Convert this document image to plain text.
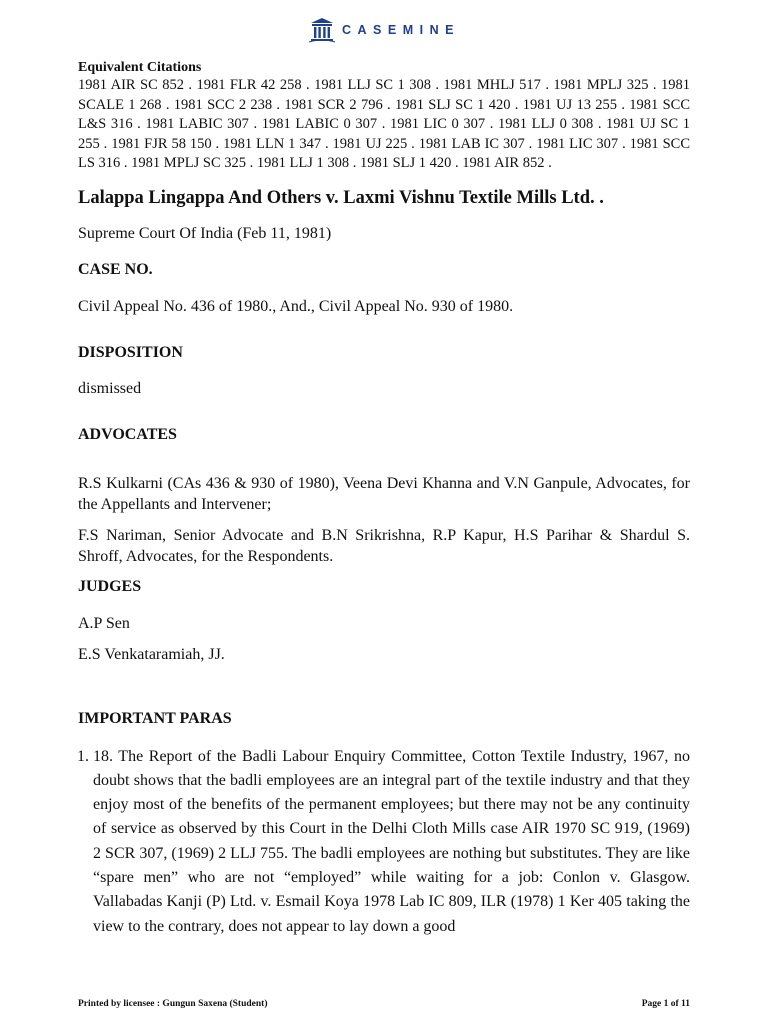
CASEMINE
Equivalent Citations
1981 AIR SC 852 . 1981 FLR 42 258 . 1981 LLJ SC 1 308 . 1981 MHLJ 517 . 1981 MPLJ 325 . 1981 SCALE 1 268 . 1981 SCC 2 238 . 1981 SCR 2 796 . 1981 SLJ SC 1 420 . 1981 UJ 13 255 . 1981 SCC L&S 316 . 1981 LABIC 307 . 1981 LABIC 0 307 . 1981 LIC 0 307 . 1981 LLJ 0 308 . 1981 UJ SC 1 255 . 1981 FJR 58 150 . 1981 LLN 1 347 . 1981 UJ 225 . 1981 LAB IC 307 . 1981 LIC 307 . 1981 SCC LS 316 . 1981 MPLJ SC 325 . 1981 LLJ 1 308 . 1981 SLJ 1 420 . 1981 AIR 852 .
Lalappa Lingappa And Others v. Laxmi Vishnu Textile Mills Ltd. .

Supreme Court Of India (Feb 11, 1981)

CASE NO.

Civil Appeal No. 436 of 1980., And., Civil Appeal No. 930 of 1980.

DISPOSITION

dismissed

ADVOCATES

R.S Kulkarni (CAs 436 & 930 of 1980), Veena Devi Khanna and V.N Ganpule, Advocates, for the Appellants and Intervener;

F.S Nariman, Senior Advocate and B.N Srikrishna, R.P Kapur, H.S Parihar & Shardul S. Shroff, Advocates, for the Respondents.

JUDGES

A.P Sen

E.S Venkataramiah, JJ.

IMPORTANT PARAS
1. 18. The Report of the Badli Labour Enquiry Committee, Cotton Textile Industry, 1967, no doubt shows that the badli employees are an integral part of the textile industry and that they enjoy most of the benefits of the permanent employees; but there may not be any continuity of service as observed by this Court in the Delhi Cloth Mills case AIR 1970 SC 919, (1969) 2 SCR 307, (1969) 2 LLJ 755. The badli employees are nothing but substitutes. They are like “spare men” who are not “employed” while waiting for a job: Conlon v. Glasgow. Vallabadas Kanji (P) Ltd. v. Esmail Koya 1978 Lab IC 809, ILR (1978) 1 Ker 405 taking the view to the contrary, does not appear to lay down a good
Printed by licensee : Gungun Saxena (Student)	Page 1 of 11
